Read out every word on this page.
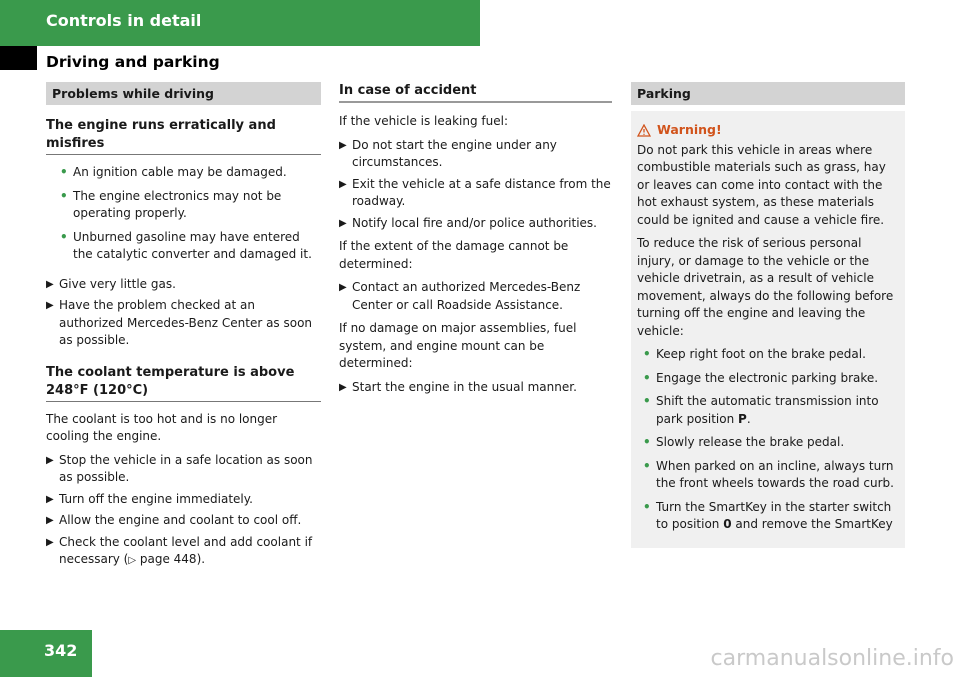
Controls in detail
Driving and parking
Problems while driving
The engine runs erratically and misfires
• An ignition cable may be damaged.
• The engine electronics may not be operating properly.
• Unburned gasoline may have entered the catalytic converter and damaged it.
▶ Give very little gas.
▶ Have the problem checked at an authorized Mercedes-Benz Center as soon as possible.
The coolant temperature is above 248°F (120°C)

The coolant is too hot and is no longer cooling the engine.

▶ Stop the vehicle in a safe location as soon as possible.
▶ Turn off the engine immediately.
▶ Allow the engine and coolant to cool off.
▶ Check the coolant level and add coolant if necessary (▷ page 448).
In case of accident

If the vehicle is leaking fuel:

▶ Do not start the engine under any circumstances.
▶ Exit the vehicle at a safe distance from the roadway.
▶ Notify local fire and/or police authorities.

If the extent of the damage cannot be determined:

▶ Contact an authorized Mercedes-Benz Center or call Roadside Assistance.

If no damage on major assemblies, fuel system, and engine mount can be determined:

▶ Start the engine in the usual manner.
Parking
Warning!

Do not park this vehicle in areas where combustible materials such as grass, hay or leaves can come into contact with the hot exhaust system, as these materials could be ignited and cause a vehicle fire.

To reduce the risk of serious personal injury, or damage to the vehicle or the vehicle drivetrain, as a result of vehicle movement, always do the following before turning off the engine and leaving the vehicle:

• Keep right foot on the brake pedal.
• Engage the electronic parking brake.
• Shift the automatic transmission into park position P.
• Slowly release the brake pedal.
• When parked on an incline, always turn the front wheels towards the road curb.
• Turn the SmartKey in the starter switch to position 0 and remove the SmartKey
342	carmanualsonline.info
